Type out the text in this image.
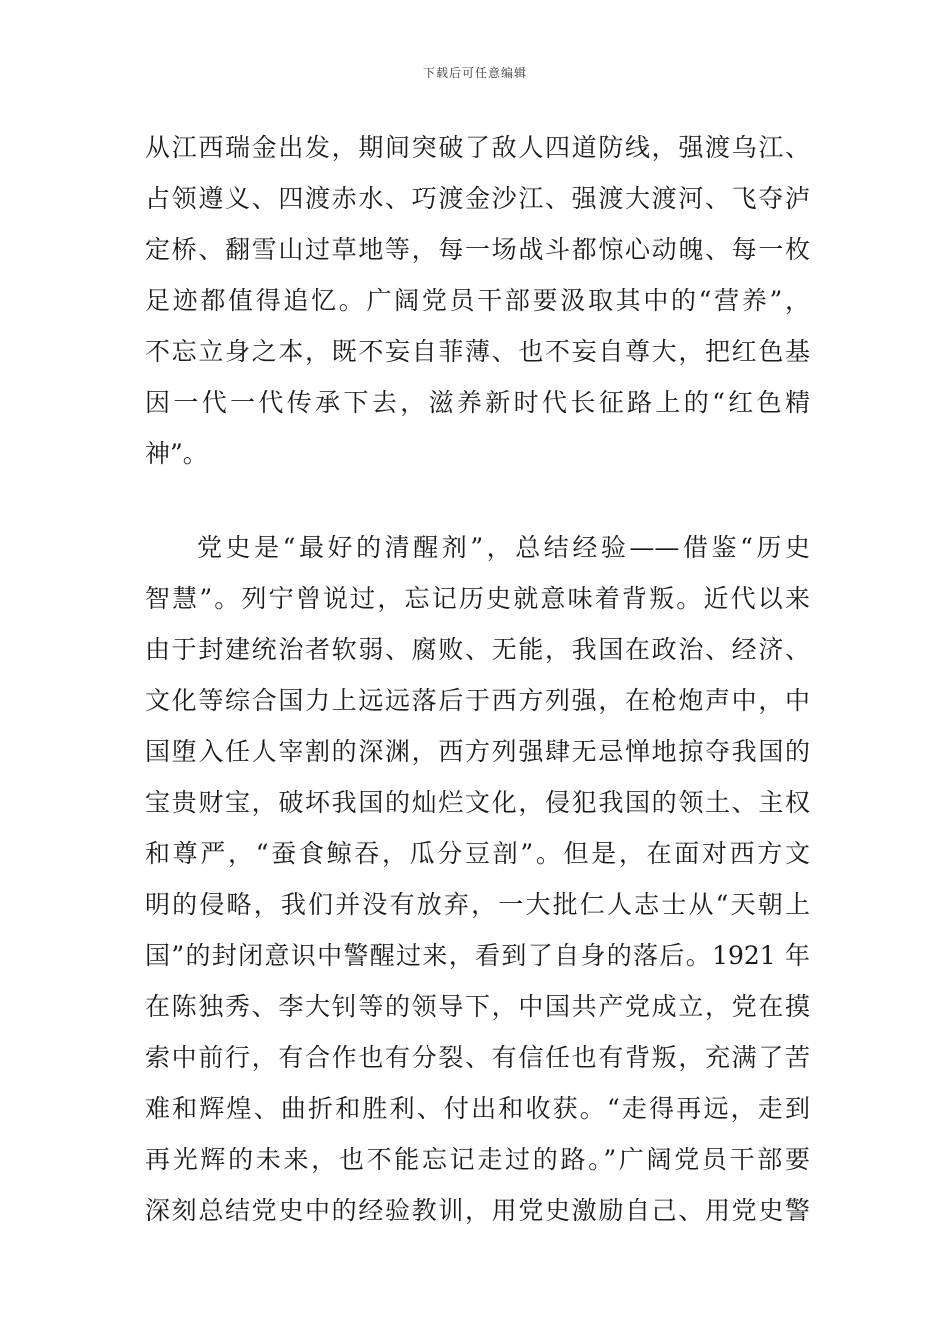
下载后可任意编辑
从江西瑞金出发，期间突破了敌人四道防线，强渡乌江、
占领遵义、四渡赤水、巧渡金沙江、强渡大渡河、飞夺泸
定桥、翻雪山过草地等，每一场战斗都惊心动魄、每一枚
足迹都值得追忆。广阔党员干部要汲取其中的“营养”，
不忘立身之本，既不妄自菲薄、也不妄自尊大，把红色基
因一代一代传承下去，滋养新时代长征路上的“红色精
神”。
党史是“最好的清醒剂”，总结经验——借鉴“历史
智慧”。列宁曾说过，忘记历史就意味着背叛。近代以来
由于封建统治者软弱、腐败、无能，我国在政治、经济、
文化等综合国力上远远落后于西方列强，在枪炮声中，中
国堕入任人宰割的深渊，西方列强肆无忌惮地掠夺我国的
宝贵财宝，破坏我国的灿烂文化，侵犯我国的领土、主权
和尊严，“蚕食鲸吞，瓜分豆剖”。但是，在面对西方文
明的侵略，我们并没有放弃，一大批仁人志士从“天朝上
国”的封闭意识中警醒过来，看到了自身的落后。1921 年
在陈独秀、李大钊等的领导下，中国共产党成立，党在摸
索中前行，有合作也有分裂、有信任也有背叛，充满了苦
难和辉煌、曲折和胜利、付出和收获。“走得再远，走到
再光辉的未来，也不能忘记走过的路。”广阔党员干部要
深刻总结党史中的经验教训，用党史激励自己、用党史警
